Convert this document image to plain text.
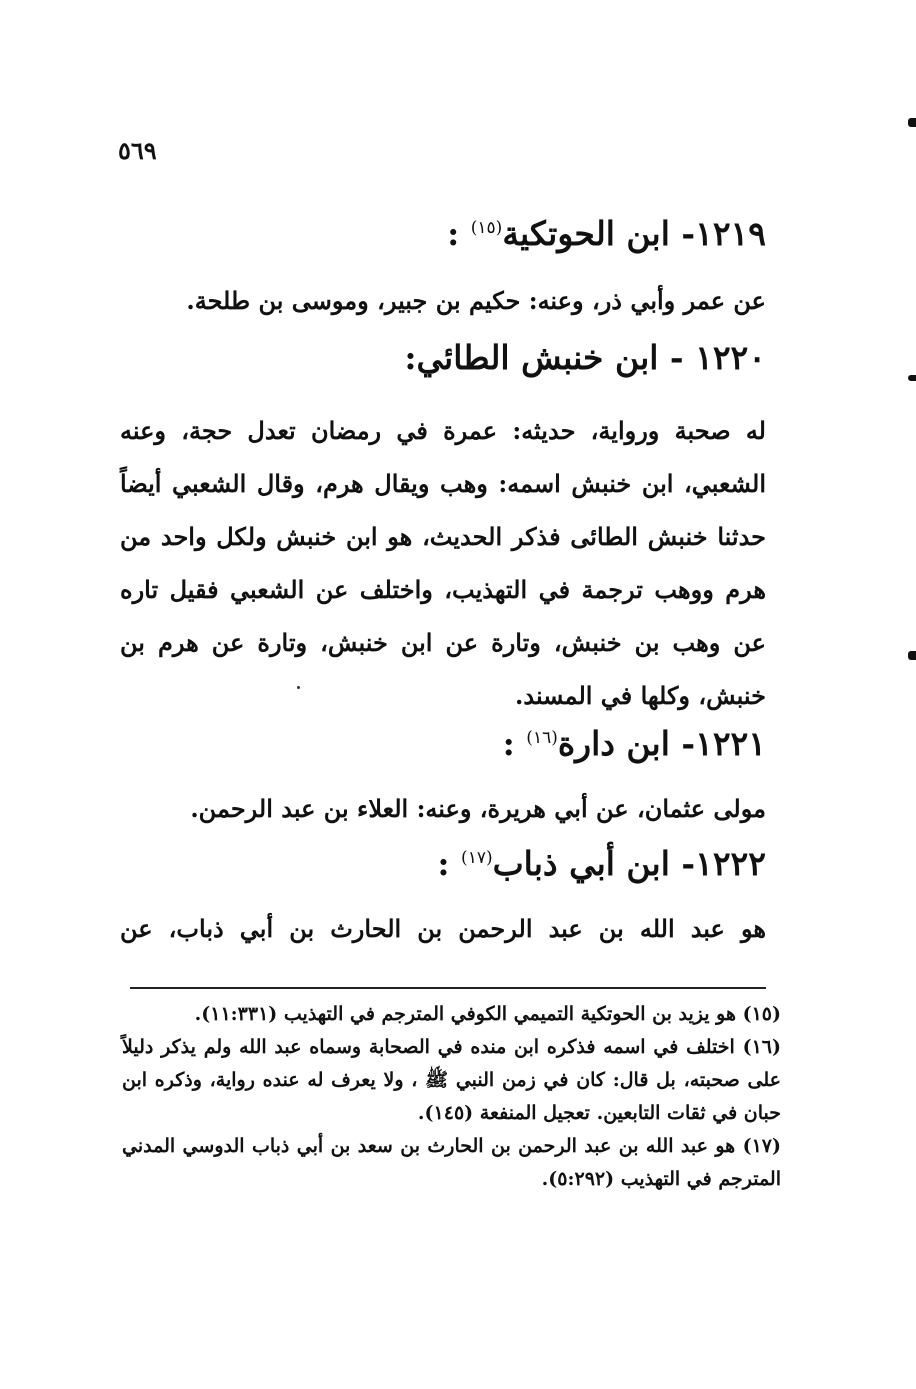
٥٦٩
١٢١٩- ابن الحوتكية$^{(١٥)}$ :
عن عمر وأبي ذر، وعنه: حكيم بن جبير، وموسى بن طلحة.
١٢٢٠ - ابن خنبش الطائي:
له صحبة ورواية، حديثه: عمرة في رمضان تعدل حجة، وعنه الشعبي، ابن خنبش اسمه: وهب ويقال هرم، وقال الشعبي أيضاً حدثنا خنبش الطائى فذكر الحديث، هو ابن خنبش ولكل واحد من هرم ووهب ترجمة في التهذيب، واختلف عن الشعبي فقيل تاره عن وهب بن خنبش، وتارة عن ابن خنبش، وتارة عن هرم بن خنبش، وكلها في المسند.
١٢٢١- ابن دارة$^{(١٦)}$ :
مولى عثمان، عن أبي هريرة، وعنه: العلاء بن عبد الرحمن.
١٢٢٢- ابن أبي ذباب$^{(١٧)}$ :
هو عبد الله بن عبد الرحمن بن الحارث بن أبي ذباب، عن

(١٥) هو يزيد بن الحوتكية التميمي الكوفي المترجم في التهذيب (١١:٣٣١).

(١٦) اختلف في اسمه فذكره ابن منده في الصحابة وسماه عبد الله ولم يذكر دليلاً على صحبته، بل قال: كان في زمن النبي ﷺ ، ولا يعرف له عنده رواية، وذكره ابن حبان في ثقات التابعين. تعجيل المنفعة (١٤٥).

(١٧) هو عبد الله بن عبد الرحمن بن الحارث بن سعد بن أبي ذباب الدوسي المدني المترجم في التهذيب (٥:٢٩٢).
